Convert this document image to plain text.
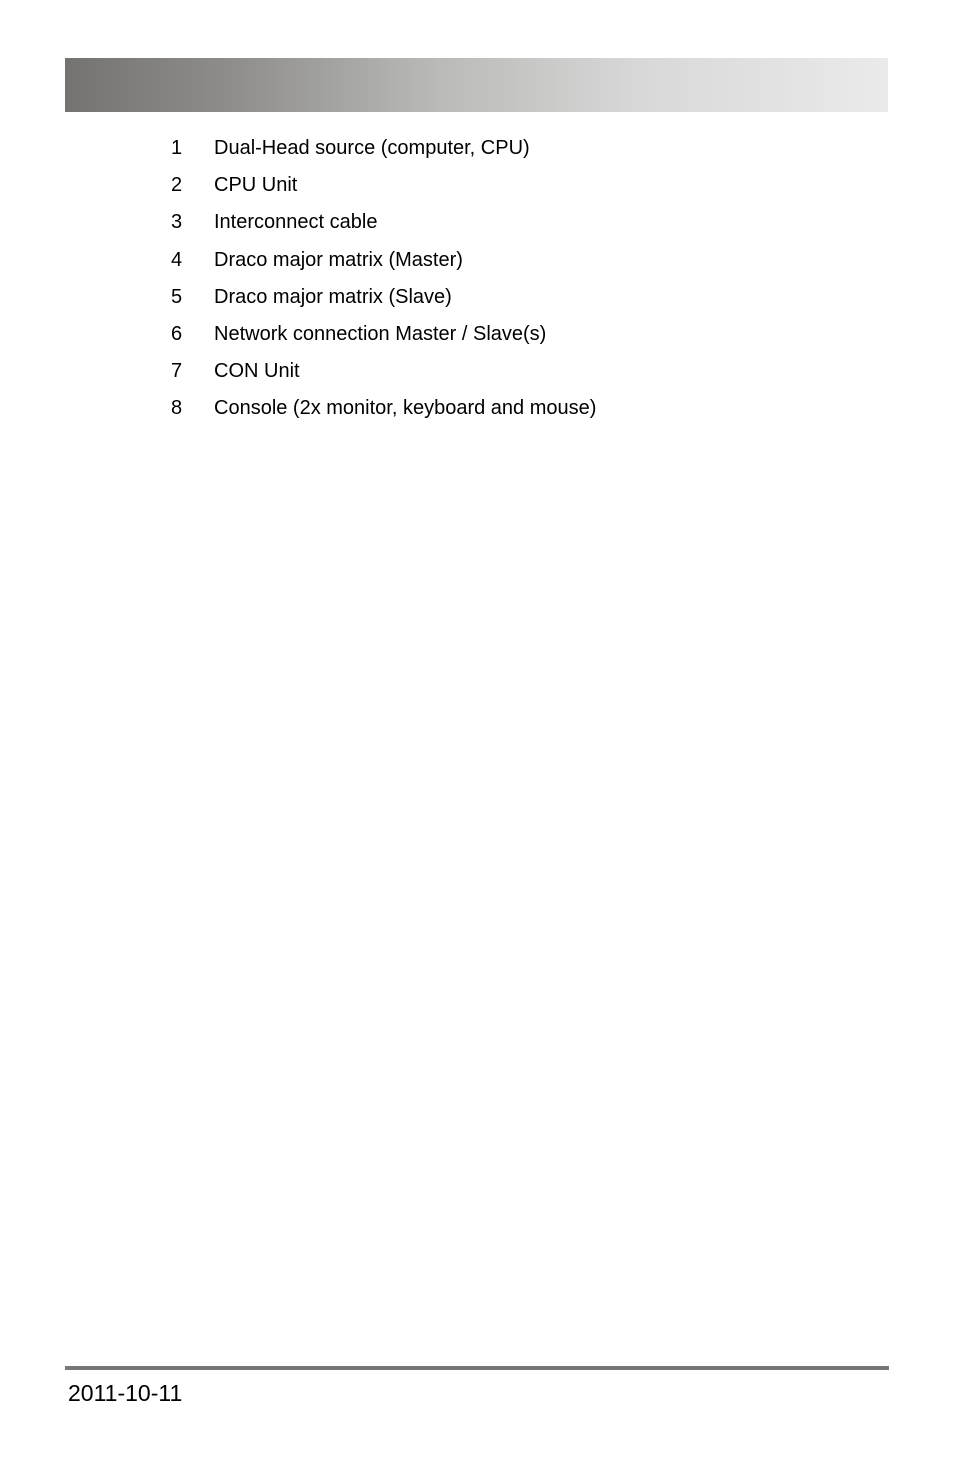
1 Dual-Head source (computer, CPU)
2 CPU Unit
3 Interconnect cable
4 Draco major matrix (Master)
5 Draco major matrix (Slave)
6 Network connection Master / Slave(s)
7 CON Unit
8 Console (2x monitor, keyboard and mouse)
2011-10-11
